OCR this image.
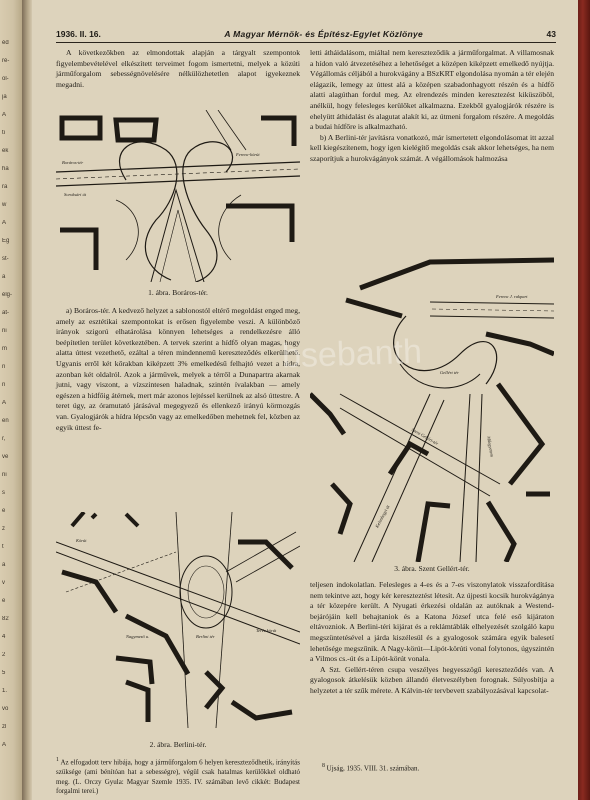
éd
ré-
ol-
ja
A
ti
ek
ha
ra
w
A
Eg
st-
a
élg-
at-
ni
m
n
n
A
en
r,
ve
ni
s
e
z
t
a
v
e
82
4
2
5
1.
vo
zl
A
1936. II. 16.	A Magyar Mérnök- és Építész-Egylet Közlönye	43

A következőkben az elmondottak alapján a tárgyalt szempontok figyelembevételével elkészített terveimet fogom ismertetni, melyek a közúti járműforgalom sebességnövelésére nélkülözhetetlen alapot igyekeznek megadni.

Ferenc-körút
Boráros-tér
Soroksári út
1. ábra. Boráros-tér.

a) Boráros-tér. A kedvező helyzet a sablonostól eltérő megoldást enged meg, amely az esztétikai szempontokat is erősen figyelembe veszi. A különböző irányok szigorú elhatárolása könnyen lehetséges a rendelkezésre álló beépítetlen terület következtében. A tervek szerint a hídfő olyan magas, hogy alatta úttest vezethető, ezáltal a téren mindennemű kereszteződés elkerülhető. Ugyanis erről két kőrakban kiképzett 3% emelkedésű felhajtó vezet a hídra, azonban két oldalról. Azok a járművek, melyek a térről a Dunapartra akarnak jutni, vagy viszont, a vízszintesen haladnak, szintén ívalakban — amely egészen a hídfőig átérnek, mert már azonos lejtéssel kerülnek az alsó úttestre. A teret úgy, az óramutató járásával megegyező és ellenkező irányú körmozgás van. Gyalogjárók a hídra lépcsőn vagy az emelkedőben mehetnek fel, közben az egyik úttest fe-

Körút
Berlini tér
Teréz körút
Nagymező u.
2. ábra. Berlini-tér.
$^1$ Az elfogadott terv hibája, hogy a járműforgalom 6 helyen kereszteződhetik, irányítás szüksége (ami bénítóan hat a sebességre), végül csak hatalmas kerülőkkel oldható meg. (L. Orczy Gyula: Magyar Szemle 1935. IV. számában levő cikkét: Budapest forgalmi terei.)

letti átháidalásom, miáltal nem kereszteződik a járműforgalmat. A villamosnak a hídon való átvezetéséhez a lehetőséget a középen kiképzett emelkedő nyújtja. Végállomás céljából a hurokvágány a BSzKRT elgondolása nyomán a tér elején elágazik, lemegy az úttest alá a középen szabadonhagyott részén és a hídfő alatti alagúthan fordul meg. Az elrendezés minden keresztezést kiküszöböl, anélkül, hogy felesleges kerülőket alkalmazna. Ezekből gyalogjárók részére is ehelyütt áthidalást és alagutat alakít ki, az útmeni forgalom részére. A megoldás a budai hídfőre is alkalmazható.

b) A Berlini-tér javításra vonatkozó, már ismertetett elgondolásomat itt azzal kell kiegészítenem, hogy igen kielégítő megoldás csak akkor lehetséges, ha nem szaporítjuk a hurokvágányok számát. A végállomások halmozása

Ferenc J. rakpart
Gellért tér
Szent Gellért-tér
Kelenhegyi út
Műegyetem
3. ábra. Szent Gellért-tér.

teljesen indokolatlan. Felesleges a 4-es és a 7-es viszonylatok visszafordítása nem tekintve azt, hogy kér kereszteztést létesít. Az újpesti kocsik hurokvágánya a tér közepére került. A Nyugati érkezési oldalán az autóknak a Westend-bejárójáin kell behajtaniok és a Katona József utca felé eső kijáraton eltávozniok. A Berlini-téri kijárat és a reklámtáblák elhelyezését szolgáló kapu megszüntetésével a járda kiszélesül és a gyalogosok számára egyik balesetí lehetősége megszűnik. A Nagy-körút—Lipót-körúti vonal folytonos, úgyszintén a Vilmos cs.-út és a Lipót-körút vonala.

A Szt. Gellért-téren csupa veszélyes hegyesszögű kereszteződés van. A gyalogosok átkelésük közben állandó életveszélyben forognak. Súlyosbítja a helyzetet a tér szűk mérete. A Kálvin-tér tervbevett szabályozásával kapcsolat-

$^8$ Ujság, 1935. VIII. 31. számában.
bsebanth
